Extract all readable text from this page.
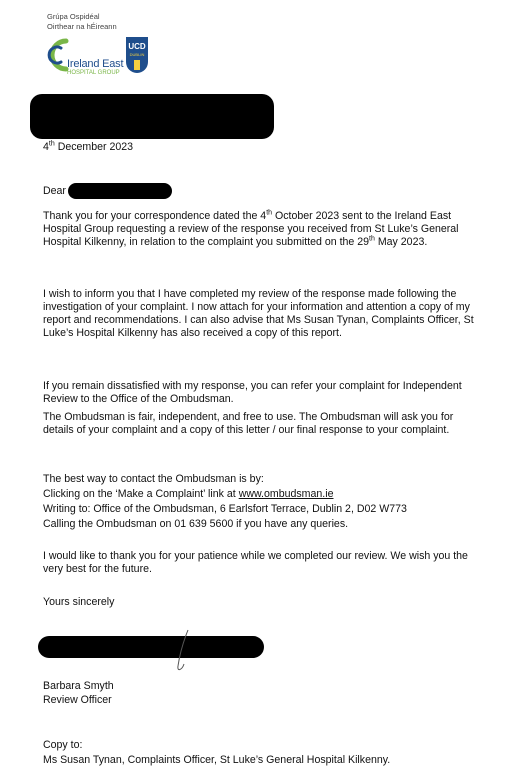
Grúpa Ospidéal
Oirthear na hÉireann
Ireland East
HOSPITAL GROUP
UCD
DUBLIN
4th December 2023
Dear

Thank you for your correspondence dated the 4th October 2023 sent to the Ireland East Hospital Group requesting a review of the response you received from St Luke’s General Hospital Kilkenny, in relation to the complaint you submitted on the 29th May 2023.

I wish to inform you that I have completed my review of the response made following the investigation of your complaint. I now attach for your information and attention a copy of my report and recommendations. I can also advise that Ms Susan Tynan, Complaints Officer, St Luke’s Hospital Kilkenny has also received a copy of this report.

If you remain dissatisfied with my response, you can refer your complaint for Independent Review to the Office of the Ombudsman.

The Ombudsman is fair, independent, and free to use. The Ombudsman will ask you for details of your complaint and a copy of this letter / our final response to your complaint.

The best way to contact the Ombudsman is by:
Clicking on the ‘Make a Complaint’ link at www.ombudsman.ie
Writing to: Office of the Ombudsman, 6 Earlsfort Terrace, Dublin 2, D02 W773
Calling the Ombudsman on 01 639 5600 if you have any queries.

I would like to thank you for your patience while we completed our review. We wish you the very best for the future.

Yours sincerely
Barbara Smyth
Review Officer
Copy to:
Ms Susan Tynan, Complaints Officer, St Luke’s General Hospital Kilkenny.
